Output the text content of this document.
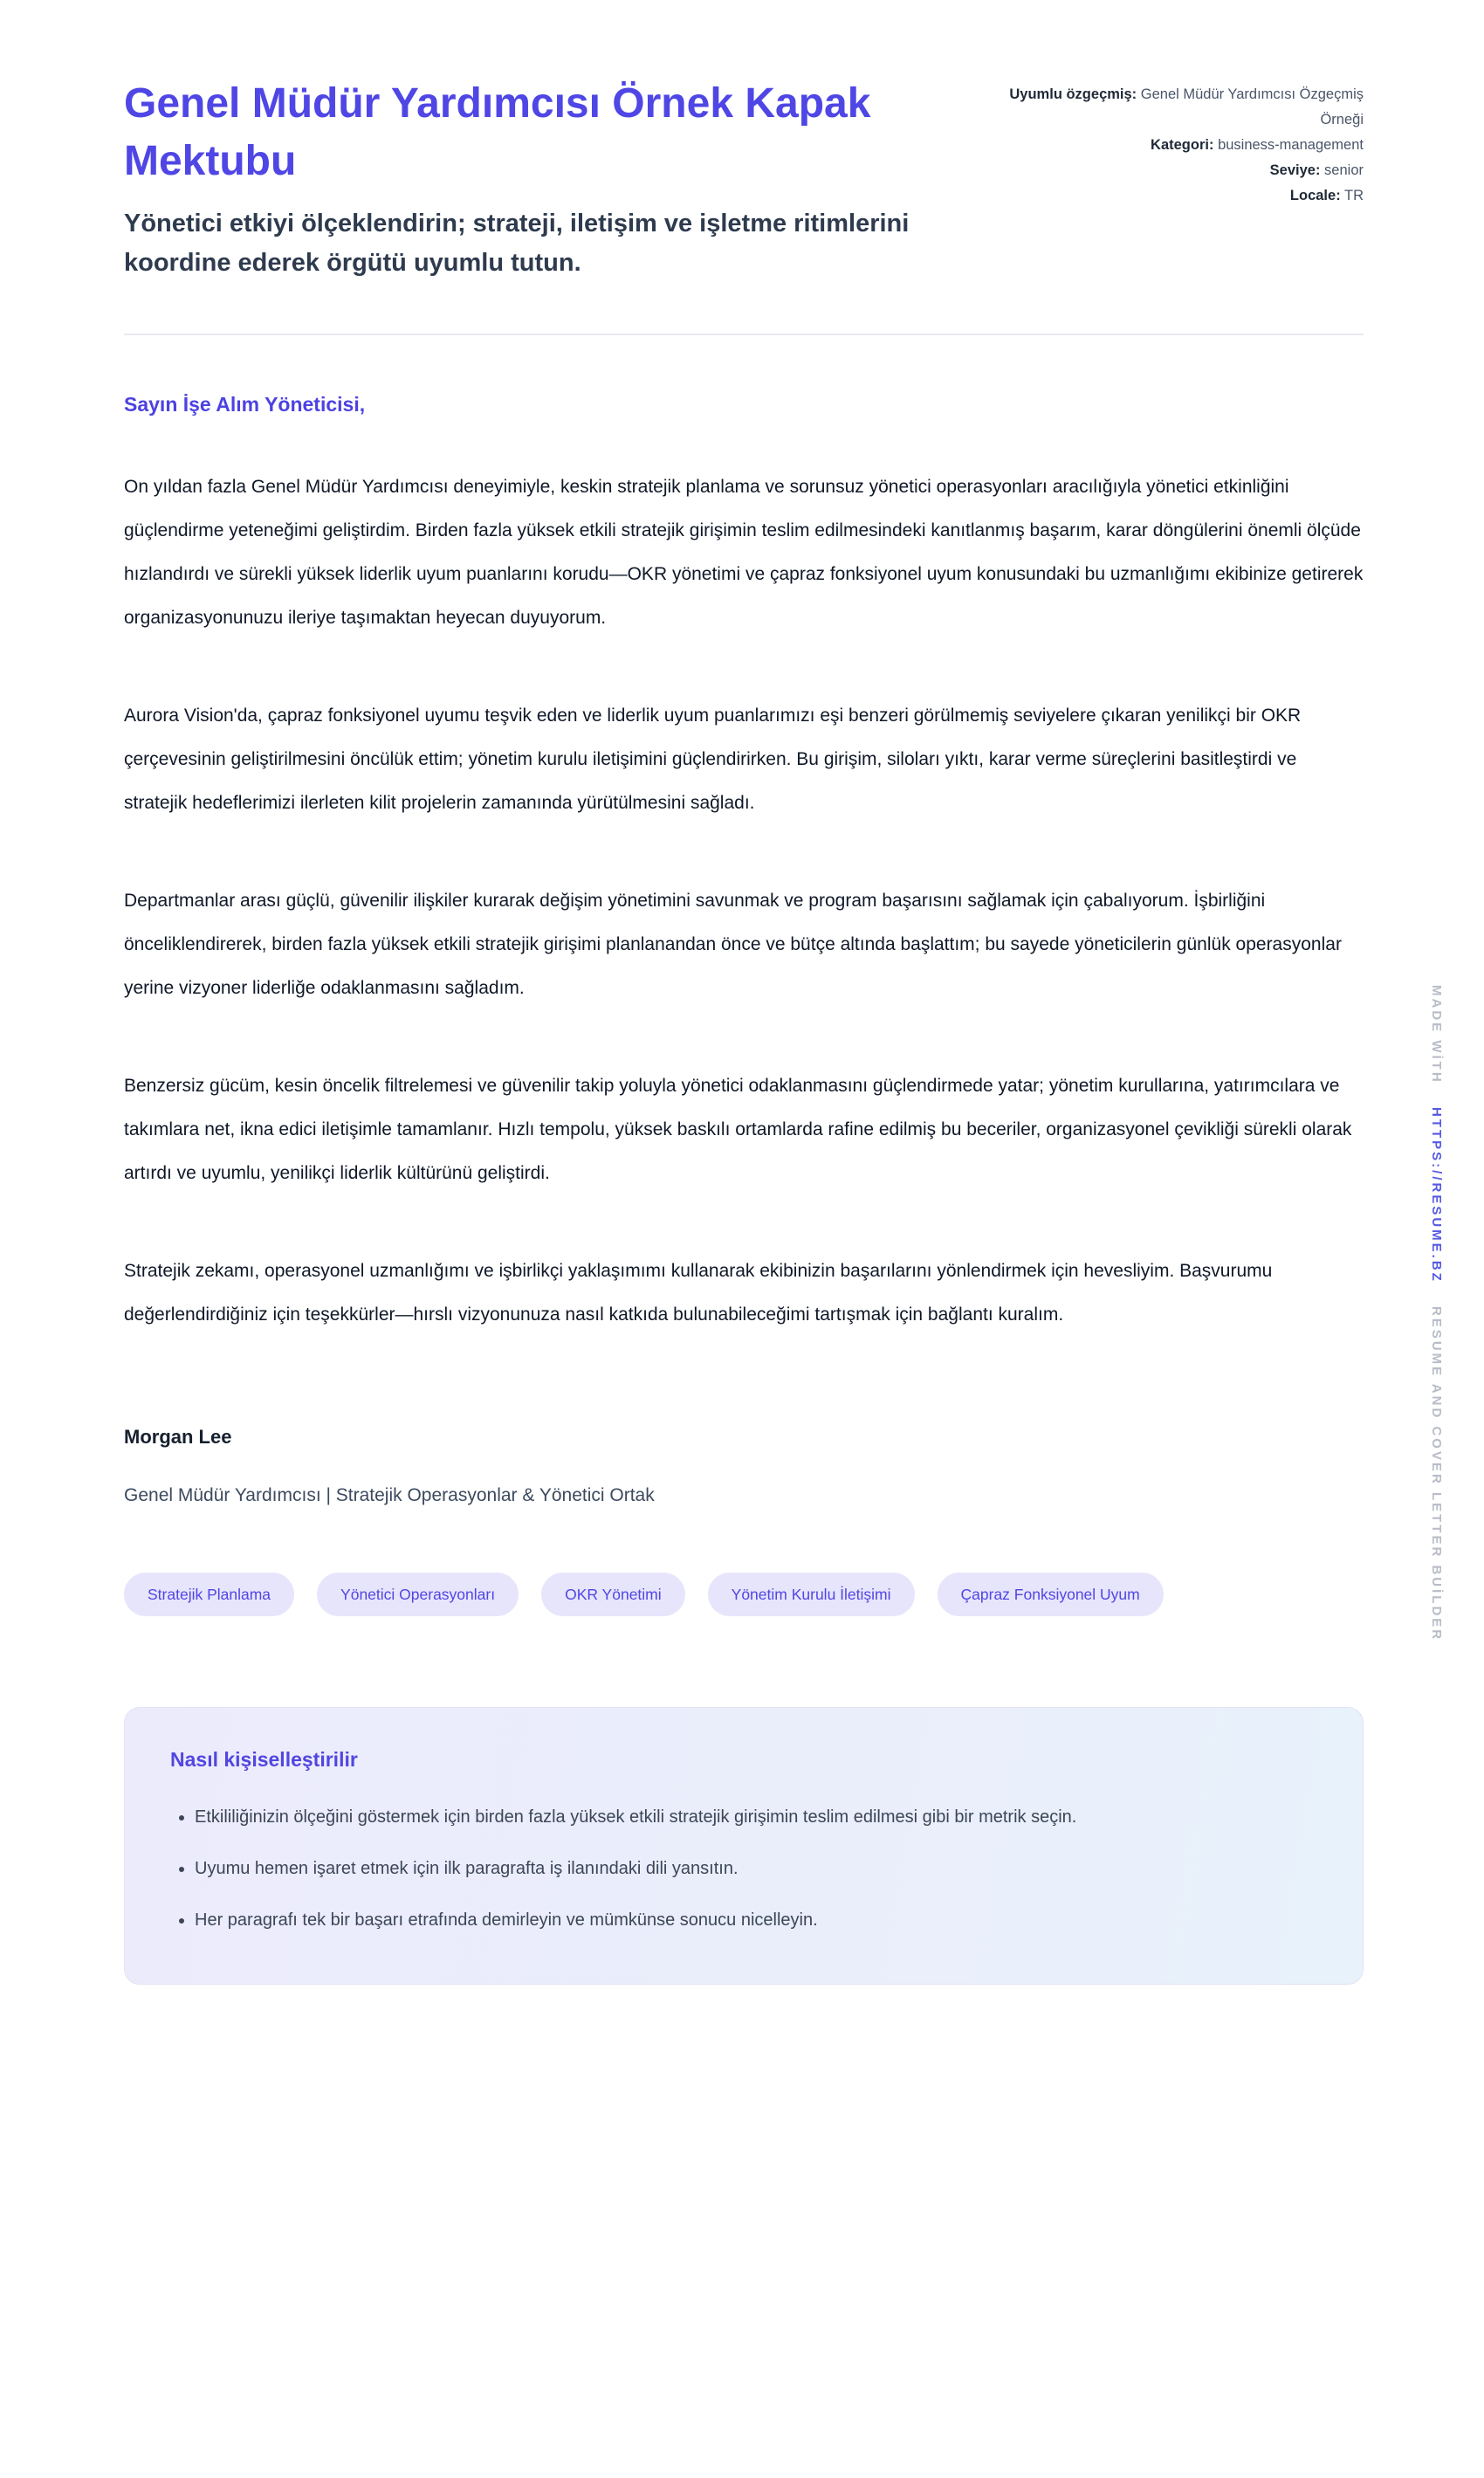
Genel Müdür Yardımcısı Örnek Kapak Mektubu

Yönetici etkiyi ölçeklendirin; strateji, iletişim ve işletme ritimlerini koordine ederek örgütü uyumlu tutun.

Uyumlu özgeçmiş: Genel Müdür Yardımcısı Özgeçmiş Örneği
Kategori: business-management
Seviye: senior
Locale: TR

Sayın İşe Alım Yöneticisi,

On yıldan fazla Genel Müdür Yardımcısı deneyimiyle, keskin stratejik planlama ve sorunsuz yönetici operasyonları aracılığıyla yönetici etkinliğini güçlendirme yeteneğimi geliştirdim. Birden fazla yüksek etkili stratejik girişimin teslim edilmesindeki kanıtlanmış başarım, karar döngülerini önemli ölçüde hızlandırdı ve sürekli yüksek liderlik uyum puanlarını korudu—OKR yönetimi ve çapraz fonksiyonel uyum konusundaki bu uzmanlığımı ekibinize getirerek organizasyonunuzu ileriye taşımaktan heyecan duyuyorum.

Aurora Vision'da, çapraz fonksiyonel uyumu teşvik eden ve liderlik uyum puanlarımızı eşi benzeri görülmemiş seviyelere çıkaran yenilikçi bir OKR çerçevesinin geliştirilmesini öncülük ettim; yönetim kurulu iletişimini güçlendirirken. Bu girişim, siloları yıktı, karar verme süreçlerini basitleştirdi ve stratejik hedeflerimizi ilerleten kilit projelerin zamanında yürütülmesini sağladı.

Departmanlar arası güçlü, güvenilir ilişkiler kurarak değişim yönetimini savunmak ve program başarısını sağlamak için çabalıyorum. İşbirliğini önceliklendirerek, birden fazla yüksek etkili stratejik girişimi planlanandan önce ve bütçe altında başlattım; bu sayede yöneticilerin günlük operasyonlar yerine vizyoner liderliğe odaklanmasını sağladım.

Benzersiz gücüm, kesin öncelik filtrelemesi ve güvenilir takip yoluyla yönetici odaklanmasını güçlendirmede yatar; yönetim kurullarına, yatırımcılara ve takımlara net, ikna edici iletişimle tamamlanır. Hızlı tempolu, yüksek baskılı ortamlarda rafine edilmiş bu beceriler, organizasyonel çevikliği sürekli olarak artırdı ve uyumlu, yenilikçi liderlik kültürünü geliştirdi.

Stratejik zekamı, operasyonel uzmanlığımı ve işbirlikçi yaklaşımımı kullanarak ekibinizin başarılarını yönlendirmek için hevesliyim. Başvurumu değerlendirdiğiniz için teşekkürler—hırslı vizyonunuza nasıl katkıda bulunabileceğimi tartışmak için bağlantı kuralım.

Morgan Lee

Genel Müdür Yardımcısı | Stratejik Operasyonlar & Yönetici Ortak

Stratejik Planlama	Yönetici Operasyonları	OKR Yönetimi	Yönetim Kurulu İletişimi	Çapraz Fonksiyonel Uyum
Nasıl kişiselleştirilir
• Etkililiğinizin ölçeğini göstermek için birden fazla yüksek etkili stratejik girişimin teslim edilmesi gibi bir metrik seçin.
• Uyumu hemen işaret etmek için ilk paragrafta iş ilanındaki dili yansıtın.
• Her paragrafı tek bir başarı etrafında demirleyin ve mümkünse sonucu nicelleyin.
MADE WİTHHTTPS://RESUME.BZRESUME AND COVER LETTER BUİLDER
